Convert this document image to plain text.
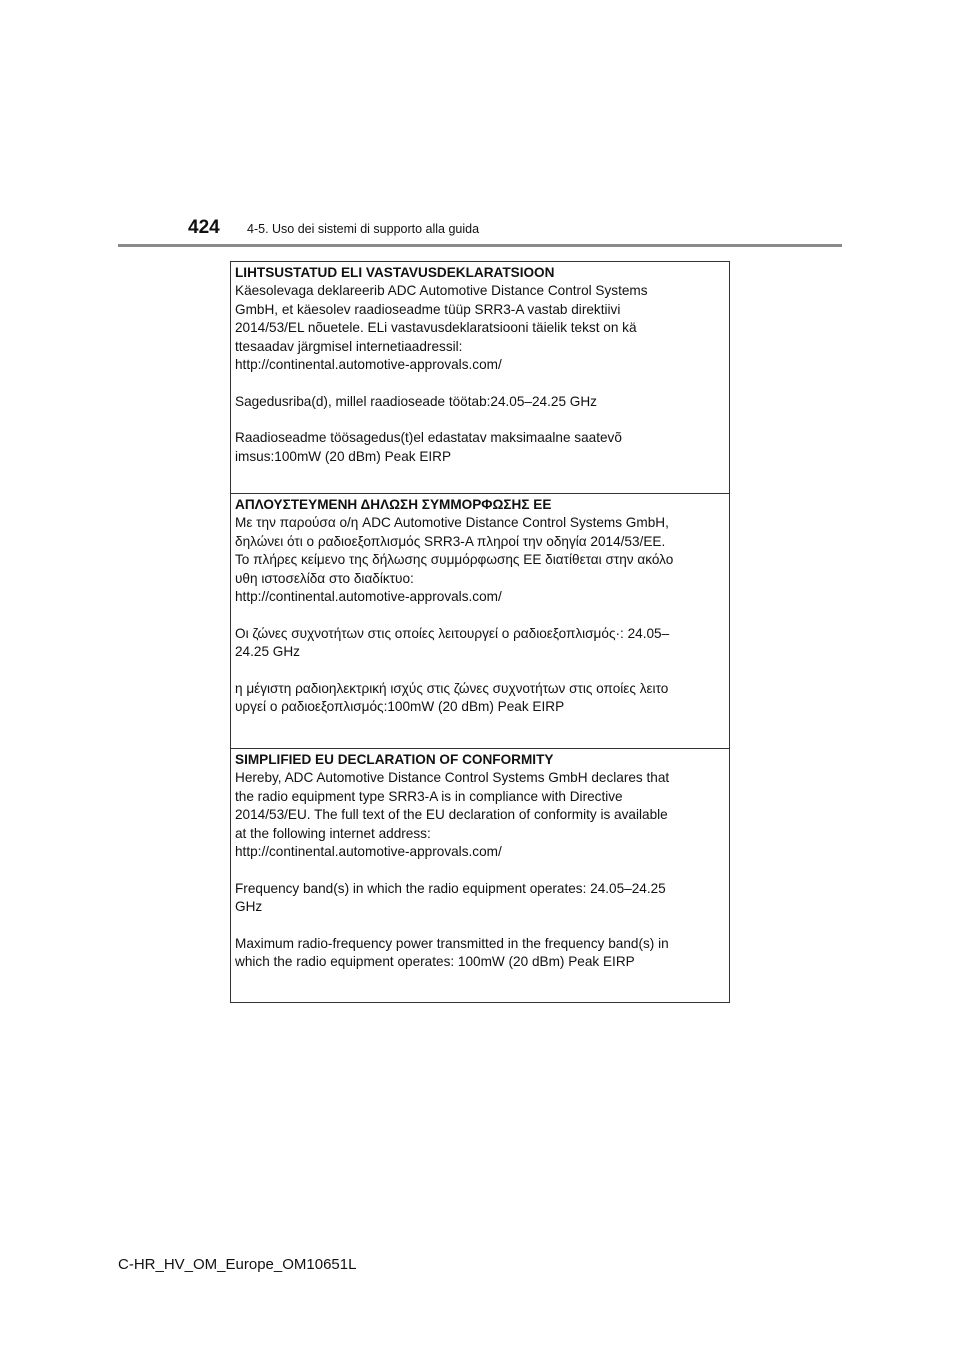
424 4-5. Uso dei sistemi di supporto alla guida

LIHTSUSTATUD ELI VASTAVUSDEKLARATSIOON

Käesolevaga deklareerib ADC Automotive Distance Control Systems
GmbH, et käesolev raadioseadme tüüp SRR3-A vastab direktiivi
2014/53/EL nõuetele. ELi vastavusdeklaratsiooni täielik tekst on kä
ttesaadav järgmisel internetiaadressil:
http://continental.automotive-approvals.com/

Sagedusriba(d), millel raadioseade töötab:24.05–24.25 GHz

Raadioseadme töösagedus(t)el edastatav maksimaalne saatevõ
imsus:100mW (20 dBm) Peak EIRP

ΑΠΛΟΥΣΤΕΥΜΕΝΗ ΔΗΛΩΣΗ ΣΥΜΜΟΡΦΩΣΗΣ ΕΕ

Με την παρούσα ο/η ADC Automotive Distance Control Systems GmbH,
δηλώνει ότι ο ραδιοεξοπλισμός SRR3-A πληροί την οδηγία 2014/53/ΕΕ.
Το πλήρες κείμενο της δήλωσης συμμόρφωσης ΕΕ διατίθεται στην ακόλο
υθη ιστοσελίδα στο διαδίκτυο:
http://continental.automotive-approvals.com/

Οι ζώνες συχνοτήτων στις οποίες λειτουργεί ο ραδιοεξοπλισμός·: 24.05–
24.25 GHz

η μέγιστη ραδιοηλεκτρική ισχύς στις ζώνες συχνοτήτων στις οποίες λειτο
υργεί ο ραδιοεξοπλισμός:100mW (20 dBm) Peak EIRP

SIMPLIFIED EU DECLARATION OF CONFORMITY

Hereby, ADC Automotive Distance Control Systems GmbH declares that
the radio equipment type SRR3-A is in compliance with Directive
2014/53/EU. The full text of the EU declaration of conformity is available
at the following internet address:
http://continental.automotive-approvals.com/

Frequency band(s) in which the radio equipment operates: 24.05–24.25
GHz

Maximum radio-frequency power transmitted in the frequency band(s) in
which the radio equipment operates: 100mW (20 dBm) Peak EIRP

C-HR_HV_OM_Europe_OM10651L
